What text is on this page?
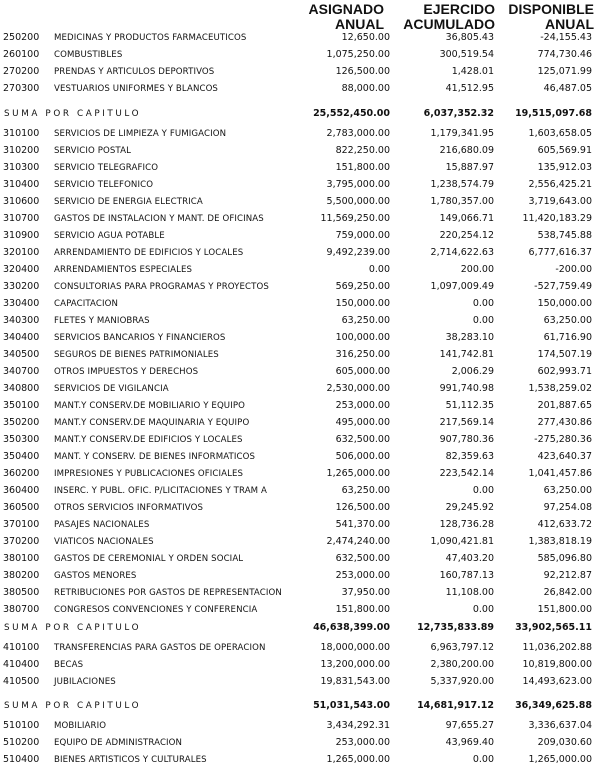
ASIGNADO
ANUAL
EJERCIDO
ACUMULADO
DISPONIBLE
ANUAL
250200 MEDICINAS Y PRODUCTOS FARMACEUTICOS	12,650.00	36,805.43	-24,155.43
260100 COMBUSTIBLES	1,075,250.00	300,519.54	774,730.46
270200 PRENDAS Y ARTICULOS DEPORTIVOS	126,500.00	1,428.01	125,071.99
270300 VESTUARIOS UNIFORMES Y BLANCOS	88,000.00	41,512.95	46,487.05
SUMA POR CAPITULO	25,552,450.00	6,037,352.32 19,515,097.68
310100 SERVICIOS DE LIMPIEZA Y FUMIGACION	2,783,000.00	1,179,341.95	1,603,658.05
310200 SERVICIO POSTAL	822,250.00	216,680.09	605,569.91
310300 SERVICIO TELEGRAFICO	151,800.00	15,887.97	135,912.03
310400 SERVICIO TELEFONICO	3,795,000.00	1,238,574.79	2,556,425.21
310600 SERVICIO DE ENERGIA ELECTRICA	5,500,000.00	1,780,357.00	3,719,643.00
310700 GASTOS DE INSTALACION Y MANT. DE OFICINAS	11,569,250.00	149,066.71	11,420,183.29
310900 SERVICIO AGUA POTABLE	759,000.00	220,254.12	538,745.88
320100 ARRENDAMIENTO DE EDIFICIOS Y LOCALES	9,492,239.00	2,714,622.63	6,777,616.37
320400 ARRENDAMIENTOS ESPECIALES	0.00	200.00	-200.00
330200 CONSULTORIAS PARA PROGRAMAS Y PROYECTOS	569,250.00	1,097,009.49	-527,759.49
330400 CAPACITACION	150,000.00	0.00	150,000.00
340300 FLETES Y MANIOBRAS	63,250.00	0.00	63,250.00
340400 SERVICIOS BANCARIOS Y FINANCIEROS	100,000.00	38,283.10	61,716.90
340500 SEGUROS DE BIENES PATRIMONIALES	316,250.00	141,742.81	174,507.19
340700 OTROS IMPUESTOS Y DERECHOS	605,000.00	2,006.29	602,993.71
340800 SERVICIOS DE VIGILANCIA	2,530,000.00	991,740.98	1,538,259.02
350100 MANT.Y CONSERV.DE MOBILIARIO Y EQUIPO	253,000.00	51,112.35	201,887.65
350200 MANT.Y CONSERV.DE MAQUINARIA Y EQUIPO	495,000.00	217,569.14	277,430.86
350300 MANT.Y CONSERV.DE EDIFICIOS Y LOCALES	632,500.00	907,780.36	-275,280.36
350400 MANT. Y CONSERV. DE BIENES INFORMATICOS	506,000.00	82,359.63	423,640.37
360200 IMPRESIONES Y PUBLICACIONES OFICIALES	1,265,000.00	223,542.14	1,041,457.86
360400 INSERC. Y PUBL. OFIC. P/LICITACIONES Y TRAM A	63,250.00	0.00	63,250.00
360500 OTROS SERVICIOS INFORMATIVOS	126,500.00	29,245.92	97,254.08
370100 PASAJES NACIONALES	541,370.00	128,736.28	412,633.72
370200 VIATICOS NACIONALES	2,474,240.00	1,090,421.81	1,383,818.19
380100 GASTOS DE CEREMONIAL Y ORDEN SOCIAL	632,500.00	47,403.20	585,096.80
380200 GASTOS MENORES	253,000.00	160,787.13	92,212.87
380500 RETRIBUCIONES POR GASTOS DE REPRESENTACION	37,950.00	11,108.00	26,842.00
380700 CONGRESOS CONVENCIONES Y CONFERENCIA	151,800.00	0.00	151,800.00
SUMA POR CAPITULO	46,638,399.00	12,735,833.89 33,902,565.11
410100 TRANSFERENCIAS PARA GASTOS DE OPERACION	18,000,000.00	6,963,797.12	11,036,202.88
410400 BECAS	13,200,000.00	2,380,200.00	10,819,800.00
410500 JUBILACIONES	19,831,543.00	5,337,920.00	14,493,623.00
SUMA POR CAPITULO	51,031,543.00	14,681,917.12 36,349,625.88
510100 MOBILIARIO	3,434,292.31	97,655.27	3,336,637.04
510200 EQUIPO DE ADMINISTRACION	253,000.00	43,969.40	209,030.60
510400 BIENES ARTISTICOS Y CULTURALES	1,265,000.00	0.00	1,265,000.00
